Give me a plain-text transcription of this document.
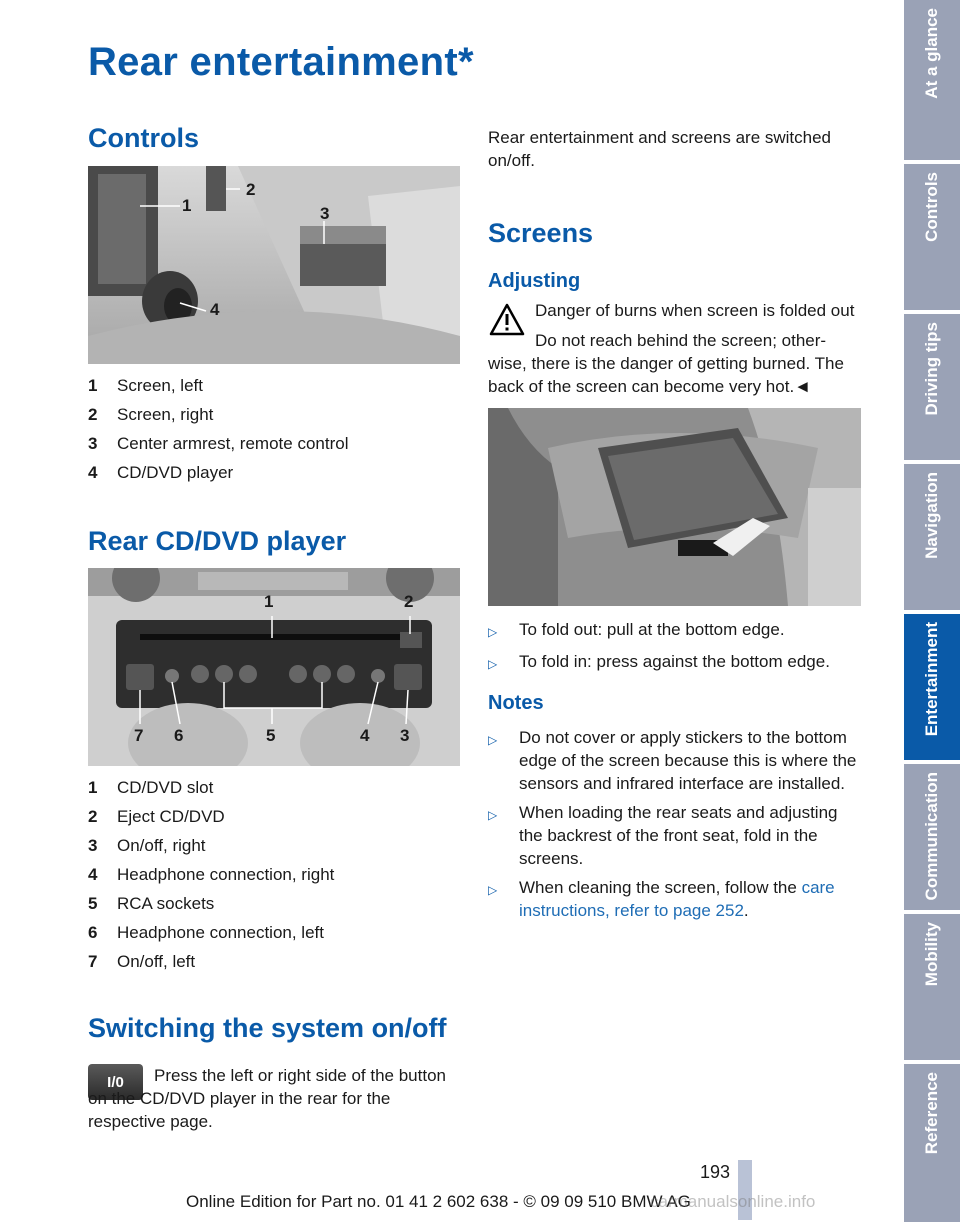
Rear entertainment*
Controls
1
2
3
4
1	Screen, left
2	Screen, right
3	Center armrest, remote control
4	CD/DVD player
Rear CD/DVD player
1	2
7 6	5	4 3
1	CD/DVD slot
2	Eject CD/DVD
3	On/off, right
4	Headphone connection, right
5	RCA sockets
6	Headphone connection, left
7	On/off, left
Switching the system on/off
I/0	Press the left or right side of the button on the CD/DVD player in the rear for the respective page.
Rear entertainment and screens are switched on/off.
Screens
Adjusting
Danger of burns when screen is folded out
Do not reach behind the screen; other-
wise, there is the danger of getting burned. The back of the screen can become very hot.◄
▷	To fold out: pull at the bottom edge.
▷	To fold in: press against the bottom edge.
Notes
▷	Do not cover or apply stickers to the bottom edge of the screen because this is where the sensors and infrared interface are installed.
▷	When loading the rear seats and adjusting the backrest of the front seat, fold in the screens.
▷	When cleaning the screen, follow the care instructions, refer to page 252.
At a glance
Controls
Driving tips
Navigation
Entertainment
Communication
Mobility
Reference
193
Online Edition for Part no. 01 41 2 602 638 - © 09 09 510 BMW AG
carmanualsonline.info
